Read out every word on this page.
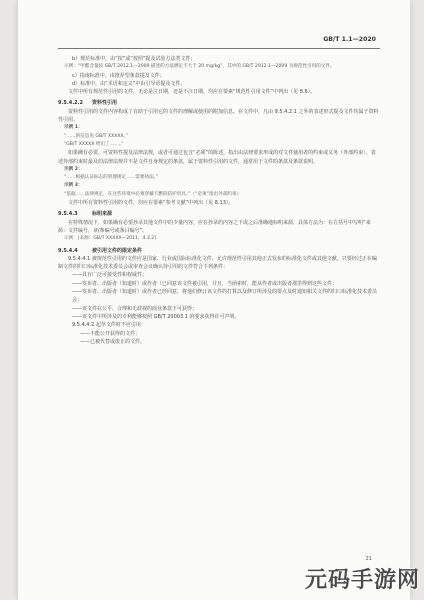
GB/T 1.1—2020
b）规范标准中，由“按”或“按照”提及试验方法类文件；
示例：“甲醛含量按 GB/T 2912.1—2009 描述的方法测定不大于 20 mg/kg”，其中的 GB/T 2912.1—2009 为规范性引用的文件。
c）指南标准中，由推荐型条款提及文件；
d）标准中，由“术语和定义”中由引导语提及文件。
文件中所有规范性引用的文件，无论是注日期，还是不注日期，均应在要素“规范性引用文件”中列出（见 8.6）。
9.5.4.2.2 资料性引用
资料性引用的文件内容构成了有助于引用它的文件的理解或使用的附加信息。在文件中，凡由 9.5.4.2.1 之外的表述形式提及文件均属于资料性引用。
示例 1：
“……的信息见 GB/T XXXXX。”
“GB/T XXXXX 给出了……。”
如果确有必要，可资料性提及法律法规，或者可通过包含“必须”的陈述，指出由法律要求形成的对文件使用者的约束或义务（外部约束）。表述外部约束时最及的法律法规并不是文件自身规定的条款，属于资料性引用的文件，通常用于文件的条款及条款说明。
示例 2：
“……根据认证标志的管理规定……需要执法。”
示例 3：
“依据……法律规定，在这些环境中必须穿戴不燃的防护用具。”（“必须”指出外部约束）
文件中所有资料性引用的文件，均应在要素“参考文献”中列出（见 8.13）。
9.5.4.3	标明来源
在特殊情况下，如果确有必要抄录其他文件中的少量内容，应在抄录的内容之下或之后准确地标明来源，具体方法为：在方括号中写明“来源：文件编号，章/条编号或条目编号”。
示例：[来源：GB/T XXXXX—2011，4.3.2]
9.5.4.4	被引用文件的限定条件
9.5.4.4.1 被规范性引用的文件应是国家、行业或国际标准化文件。允许规范性引用其他正式发布的标准化文件或其他文献，只要经过正在编制文件的归口标准化技术委员会或审查会议确认待引用的文件符合下列条件：
——具有广泛可接受性和权威性；
——发布者、出版者（知道时）或作者（已同意该文件被引用，并且，当函索时，能从作者或出版者那里得到这些文件；
——发布者、出版者（知道时）或作者已经同意，将他们修订该文件的打算以及修订所涉及的要点及时通知相关文件的归口标准化技术委员会；
——该文件在公平、合理和无歧视的商业条款下可获得；
——该文件中所涉及的专利能够按照 GB/T 20003.1 的要求获得许可声明。
9.5.4.4.2 起草文件时不应引用：
——不能公开获得的文件；
——已被代替或废止的文件。
21
元码手游网
